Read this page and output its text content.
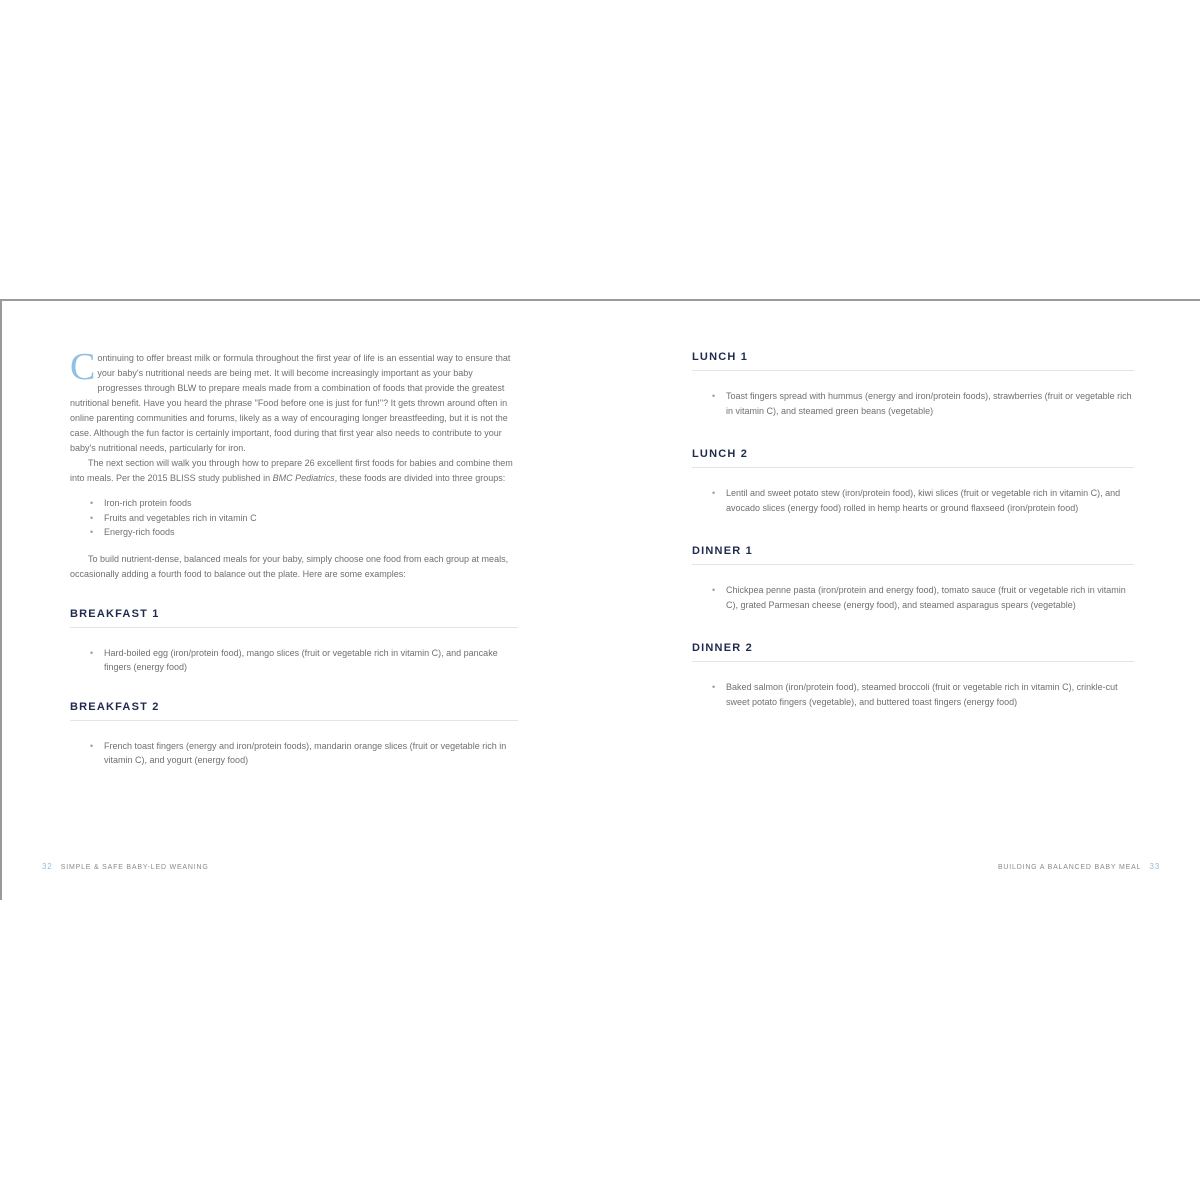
Continuing to offer breast milk or formula throughout the first year of life is an essential way to ensure that your baby's nutritional needs are being met. It will become increasingly important as your baby progresses through BLW to prepare meals made from a combination of foods that provide the greatest nutritional benefit. Have you heard the phrase "Food before one is just for fun!"? It gets thrown around often in online parenting communities and forums, likely as a way of encouraging longer breastfeeding, but it is not the case. Although the fun factor is certainly important, food during that first year also needs to contribute to your baby's nutritional needs, particularly for iron.

The next section will walk you through how to prepare 26 excellent first foods for babies and combine them into meals. Per the 2015 BLISS study published in BMC Pediatrics, these foods are divided into three groups:

• Iron-rich protein foods
• Fruits and vegetables rich in vitamin C
• Energy-rich foods

To build nutrient-dense, balanced meals for your baby, simply choose one food from each group at meals, occasionally adding a fourth food to balance out the plate. Here are some examples:

BREAKFAST 1
• Hard-boiled egg (iron/protein food), mango slices (fruit or vegetable rich in vitamin C), and pancake fingers (energy food)
BREAKFAST 2
• French toast fingers (energy and iron/protein foods), mandarin orange slices (fruit or vegetable rich in vitamin C), and yogurt (energy food)
LUNCH 1
• Toast fingers spread with hummus (energy and iron/protein foods), strawberries (fruit or vegetable rich in vitamin C), and steamed green beans (vegetable)
LUNCH 2
• Lentil and sweet potato stew (iron/protein food), kiwi slices (fruit or vegetable rich in vitamin C), and avocado slices (energy food) rolled in hemp hearts or ground flaxseed (iron/protein food)
DINNER 1
• Chickpea penne pasta (iron/protein and energy food), tomato sauce (fruit or vegetable rich in vitamin C), grated Parmesan cheese (energy food), and steamed asparagus spears (vegetable)
DINNER 2
• Baked salmon (iron/protein food), steamed broccoli (fruit or vegetable rich in vitamin C), crinkle-cut sweet potato fingers (vegetable), and buttered toast fingers (energy food)
32 SIMPLE & SAFE BABY-LED WEANING	BUILDING A BALANCED BABY MEAL 33
